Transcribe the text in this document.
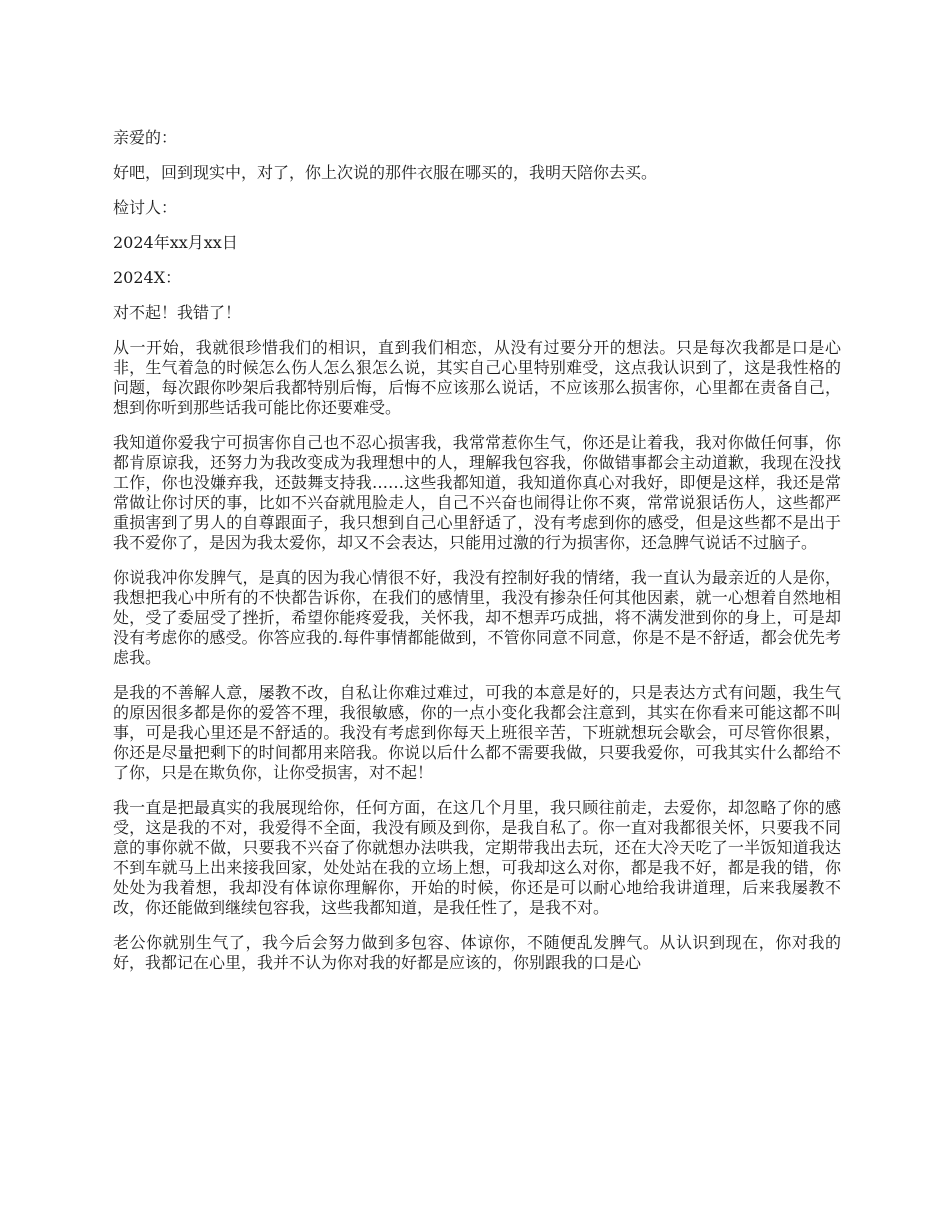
亲爱的：

好吧，回到现实中，对了，你上次说的那件衣服在哪买的，我明天陪你去买。

检讨人：

2024年xx月xx日

2024X：

对不起！我错了！

从一开始，我就很珍惜我们的相识，直到我们相恋，从没有过要分开的想法。只是每次我都是口是心非，生气着急的时候怎么伤人怎么狠怎么说，其实自己心里特别难受，这点我认识到了，这是我性格的问题，每次跟你吵架后我都特别后悔，后悔不应该那么说话，不应该那么损害你，心里都在责备自己，想到你听到那些话我可能比你还要难受。

我知道你爱我宁可损害你自己也不忍心损害我，我常常惹你生气，你还是让着我，我对你做任何事，你都肯原谅我，还努力为我改变成为我理想中的人，理解我包容我，你做错事都会主动道歉，我现在没找工作，你也没嫌弃我，还鼓舞支持我……这些我都知道，我知道你真心对我好，即便是这样，我还是常常做让你讨厌的事，比如不兴奋就甩脸走人，自己不兴奋也闹得让你不爽，常常说狠话伤人，这些都严重损害到了男人的自尊跟面子，我只想到自己心里舒适了，没有考虑到你的感受，但是这些都不是出于我不爱你了，是因为我太爱你，却又不会表达，只能用过激的行为损害你，还急脾气说话不过脑子。

你说我冲你发脾气，是真的因为我心情很不好，我没有控制好我的情绪，我一直认为最亲近的人是你，我想把我心中所有的不快都告诉你，在我们的感情里，我没有掺杂任何其他因素，就一心想着自然地相处，受了委屈受了挫折，希望你能疼爱我，关怀我，却不想弄巧成拙，将不满发泄到你的身上，可是却没有考虑你的感受。你答应我的.每件事情都能做到，不管你同意不同意，你是不是不舒适，都会优先考虑我。

是我的不善解人意，屡教不改，自私让你难过难过，可我的本意是好的，只是表达方式有问题，我生气的原因很多都是你的爱答不理，我很敏感，你的一点小变化我都会注意到，其实在你看来可能这都不叫事，可是我心里还是不舒适的。我没有考虑到你每天上班很辛苦，下班就想玩会歇会，可尽管你很累，你还是尽量把剩下的时间都用来陪我。你说以后什么都不需要我做，只要我爱你，可我其实什么都给不了你，只是在欺负你，让你受损害，对不起！

我一直是把最真实的我展现给你，任何方面，在这几个月里，我只顾往前走，去爱你，却忽略了你的感受，这是我的不对，我爱得不全面，我没有顾及到你，是我自私了。你一直对我都很关怀，只要我不同意的事你就不做，只要我不兴奋了你就想办法哄我，定期带我出去玩，还在大冷天吃了一半饭知道我达不到车就马上出来接我回家，处处站在我的立场上想，可我却这么对你，都是我不好，都是我的错，你处处为我着想，我却没有体谅你理解你，开始的时候，你还是可以耐心地给我讲道理，后来我屡教不改，你还能做到继续包容我，这些我都知道，是我任性了，是我不对。

老公你就别生气了，我今后会努力做到多包容、体谅你，不随便乱发脾气。从认识到现在，你对我的好，我都记在心里，我并不认为你对我的好都是应该的，你别跟我的口是心
